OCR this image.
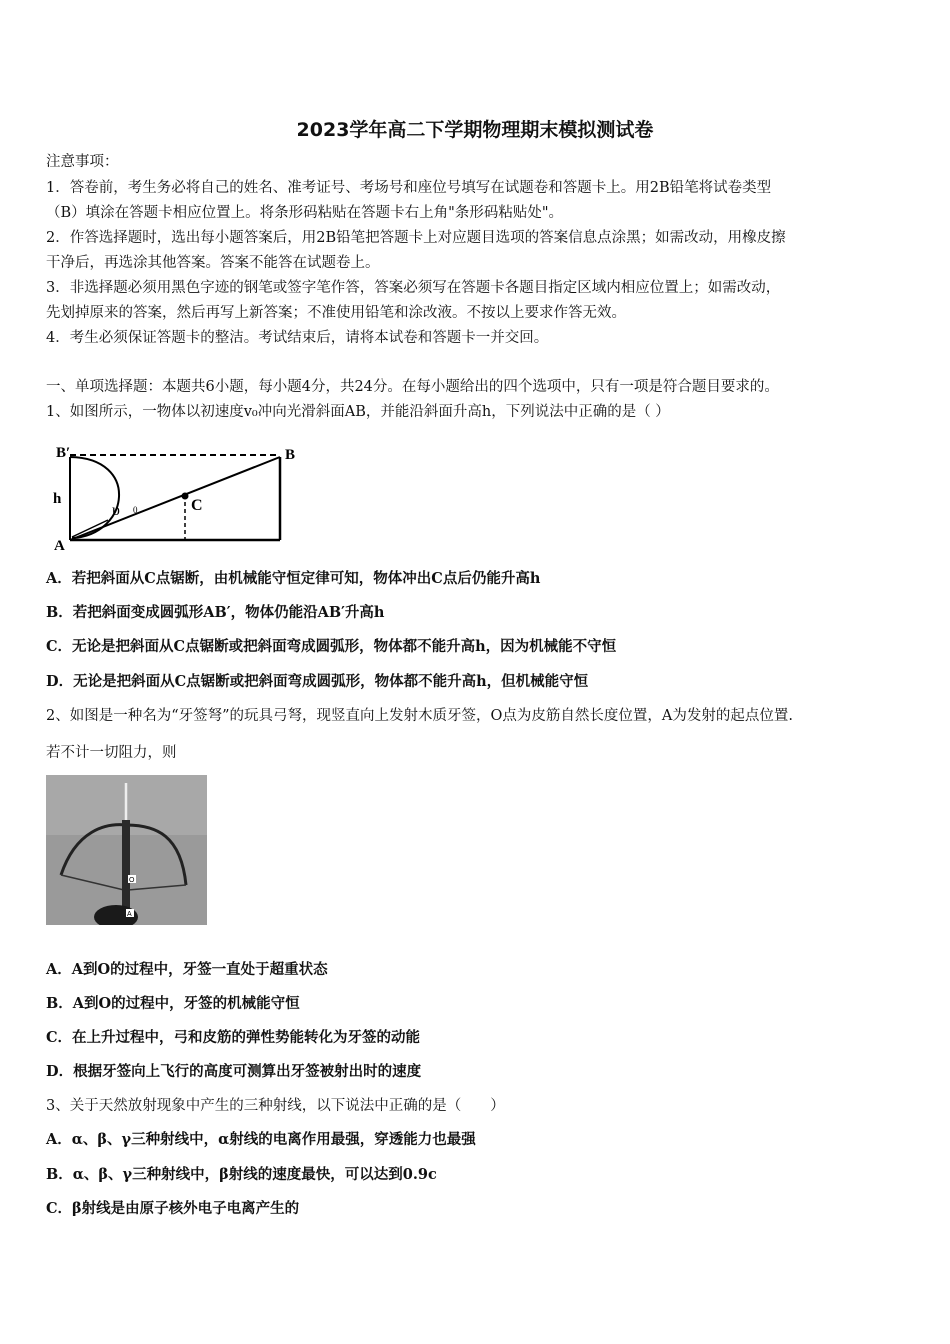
2023学年高二下学期物理期末模拟测试卷
注意事项：
1．答卷前，考生务必将自己的姓名、准考证号、考场号和座位号填写在试题卷和答题卡上。用2B铅笔将试卷类型
（B）填涂在答题卡相应位置上。将条形码粘贴在答题卡右上角"条形码粘贴处"。
2．作答选择题时，选出每小题答案后，用2B铅笔把答题卡上对应题目选项的答案信息点涂黑；如需改动，用橡皮擦
干净后，再选涂其他答案。答案不能答在试题卷上。
3．非选择题必须用黑色字迹的钢笔或签字笔作答，答案必须写在答题卡各题目指定区域内相应位置上；如需改动，
先划掉原来的答案，然后再写上新答案；不准使用铅笔和涂改液。不按以上要求作答无效。
4．考生必须保证答题卡的整洁。考试结束后，请将本试卷和答题卡一并交回。
一、单项选择题：本题共6小题，每小题4分，共24分。在每小题给出的四个选项中，只有一项是符合题目要求的。
1、如图所示，一物体以初速度v₀冲向光滑斜面AB，并能沿斜面升高h，下列说法中正确的是（ ）
B′	B
h	C
A
υ 0
A．若把斜面从C点锯断，由机械能守恒定律可知，物体冲出C点后仍能升高h
B．若把斜面变成圆弧形AB′，物体仍能沿AB′升高h
C．无论是把斜面从C点锯断或把斜面弯成圆弧形，物体都不能升高h，因为机械能不守恒
D．无论是把斜面从C点锯断或把斜面弯成圆弧形，物体都不能升高h，但机械能守恒
2、如图是一种名为“牙签弩”的玩具弓弩，现竖直向上发射木质牙签，O点为皮筋自然长度位置，A为发射的起点位置.
若不计一切阻力，则
O
A
A．A到O的过程中，牙签一直处于超重状态
B．A到O的过程中，牙签的机械能守恒
C．在上升过程中，弓和皮筋的弹性势能转化为牙签的动能
D．根据牙签向上飞行的高度可测算出牙签被射出时的速度
3、关于天然放射现象中产生的三种射线，以下说法中正确的是（　　）
A．α、β、γ三种射线中，α射线的电离作用最强，穿透能力也最强
B．α、β、γ三种射线中，β射线的速度最快，可以达到0.9c
C．β射线是由原子核外电子电离产生的
